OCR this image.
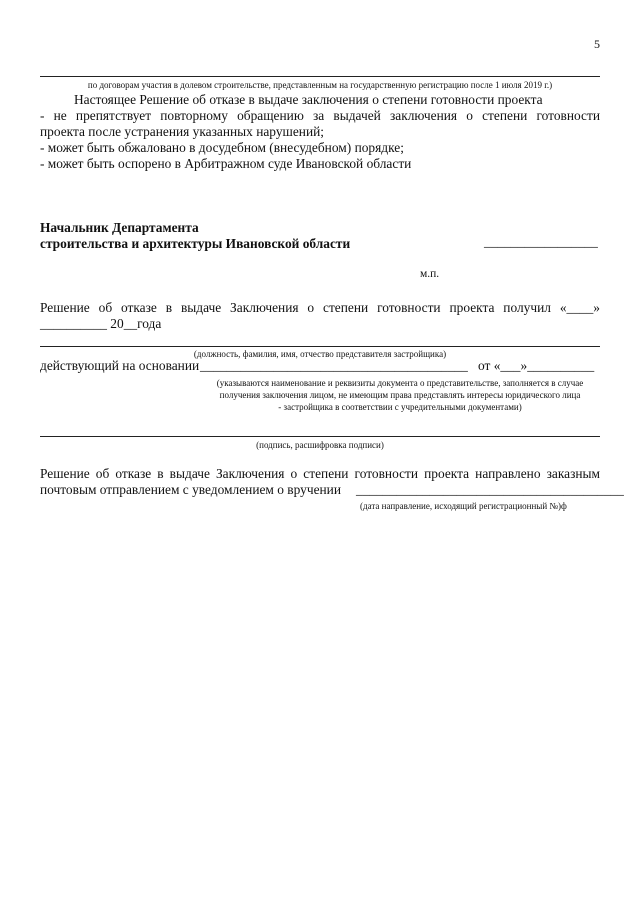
5
по договорам участия в долевом строительстве, представленным на государственную регистрацию после 1 июля 2019 г.)
Настоящее Решение об отказе в выдаче заключения о степени готовности проекта
- не препятствует повторному обращению за выдачей заключения о степени готовности
проекта после устранения указанных нарушений;
- может быть обжаловано в досудебном (внесудебном) порядке;
- может быть оспорено в Арбитражном суде Ивановской области
Начальник Департамента
строительства и архитектуры Ивановской области	_________________
м.п.
Решение об отказе в выдаче Заключения о степени готовности проекта получил «____»
__________ 20__года
(должность, фамилия, имя, отчество представителя застройщика)
действующий на основании ________________________________________ от «___»__________
(указываются наименование и реквизиты документа о представительстве, заполняется в случае
получения заключения лицом, не имеющим права представлять интересы юридического лица
- застройщика в соответствии с учредительными документами)
(подпись, расшифровка подписи)
Решение об отказе в выдаче Заключения о степени готовности проекта направлено заказным
почтовым отправлением с уведомлением о вручении ________________________________________
(дата направление, исходящий регистрационный №)ф
